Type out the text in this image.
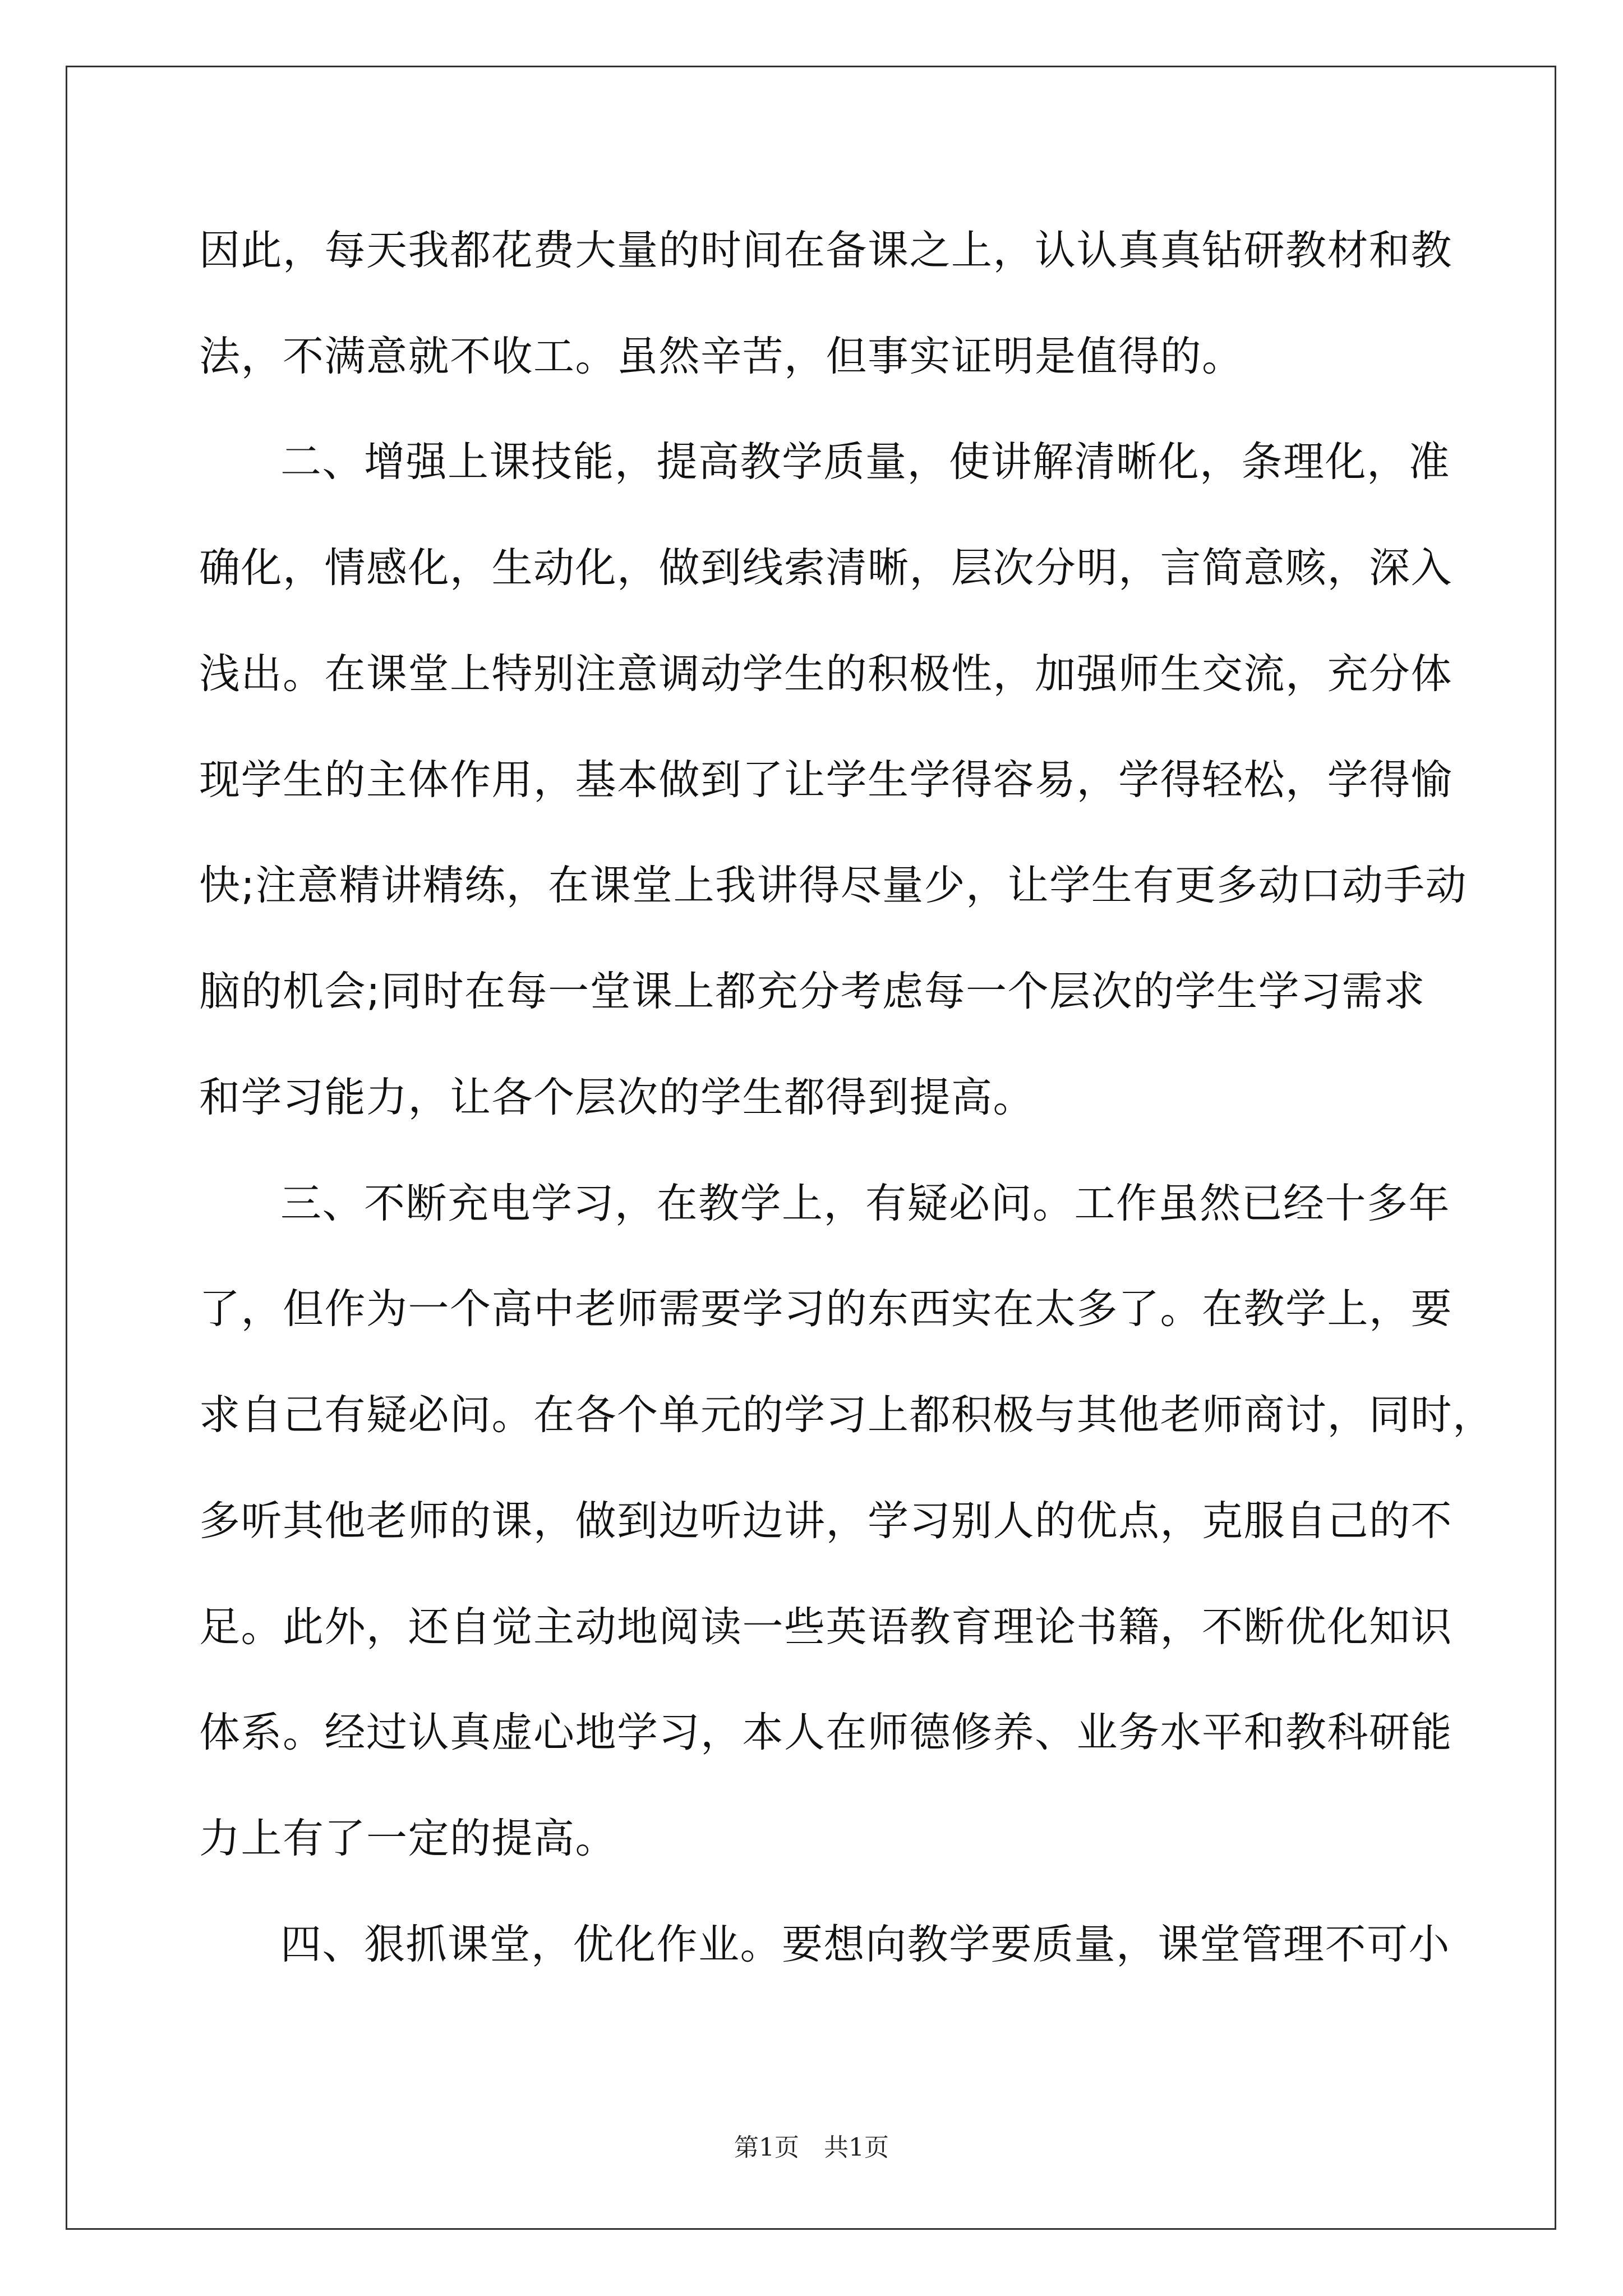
因此，每天我都花费大量的时间在备课之上，认认真真钻研教材和教
法，不满意就不收工。虽然辛苦，但事实证明是值得的。
二、增强上课技能，提高教学质量，使讲解清晰化，条理化，准
确化，情感化，生动化，做到线索清晰，层次分明，言简意赅，深入
浅出。在课堂上特别注意调动学生的积极性，加强师生交流，充分体
现学生的主体作用，基本做到了让学生学得容易，学得轻松，学得愉
快;注意精讲精练，在课堂上我讲得尽量少，让学生有更多动口动手动
脑的机会;同时在每一堂课上都充分考虑每一个层次的学生学习需求
和学习能力，让各个层次的学生都得到提高。
三、不断充电学习，在教学上，有疑必问。工作虽然已经十多年
了，但作为一个高中老师需要学习的东西实在太多了。在教学上，要
求自己有疑必问。在各个单元的学习上都积极与其他老师商讨，同时，
多听其他老师的课，做到边听边讲，学习别人的优点，克服自己的不
足。此外，还自觉主动地阅读一些英语教育理论书籍，不断优化知识
体系。经过认真虚心地学习，本人在师德修养、业务水平和教科研能
力上有了一定的提高。
四、狠抓课堂，优化作业。要想向教学要质量，课堂管理不可小
第1页　共1页
